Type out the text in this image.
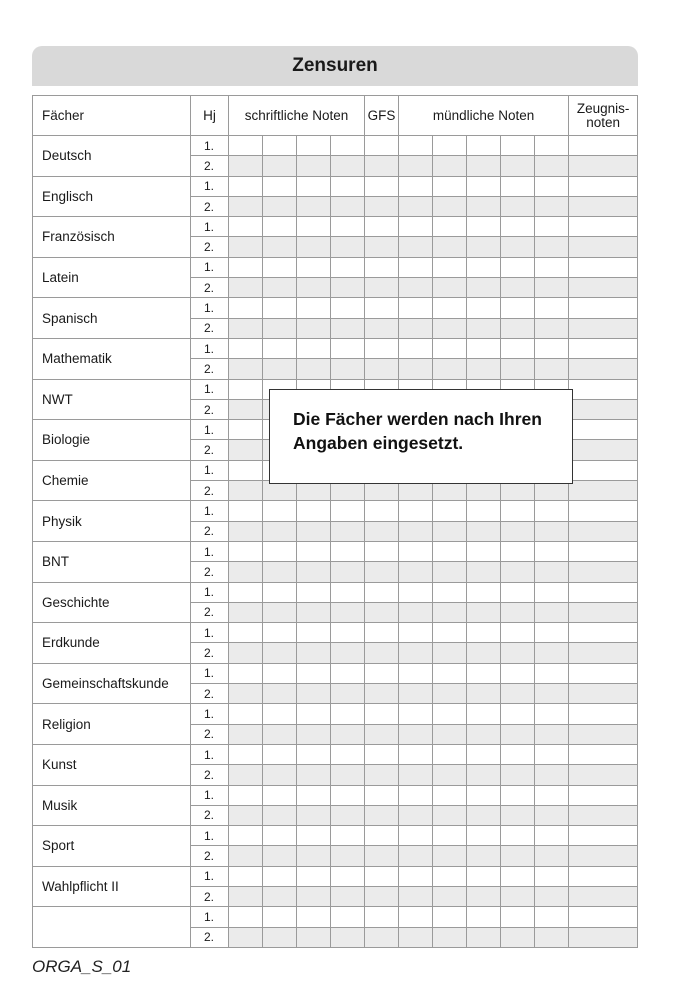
Zensuren
Fächer	Hj	schriftliche Noten				GFS	mündliche Noten					Zeugnis-
noten

Deutsch	1.											
	2.											
Englisch	1.											
	2.											
Französisch	1.											
	2.											
Latein	1.											
	2.											
Spanisch	1.											
	2.											
Mathematik	1.											
	2.											
NWT	1.											
	2.											
Biologie	1.											
	2.											
Chemie	1.											
	2.											
Physik	1.											
	2.											
BNT	1.											
	2.											
Geschichte	1.											
	2.											
Erdkunde	1.											
	2.											
Gemeinschaftskunde	1.											
	2.											
Religion	1.											
	2.											
Kunst	1.											
	2.											
Musik	1.											
	2.											
Sport	1.											
	2.											
Wahlpflicht II	1.											
	2.											
	1.											
	2.											
Die Fächer werden nach Ihren
Angaben eingesetzt.
ORGA_S_01
